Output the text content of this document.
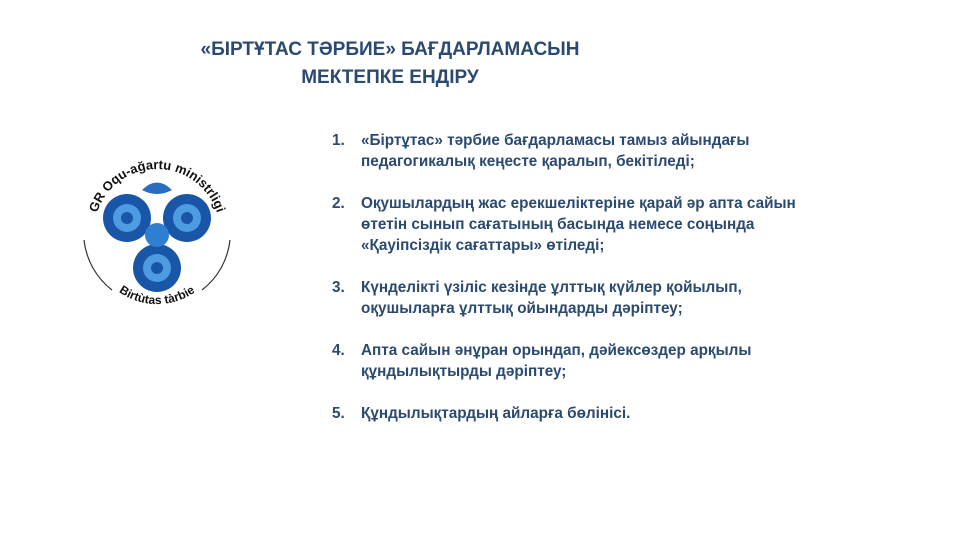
«БІРТҰТАС ТӘРБИЕ» БАҒДАРЛАМАСЫН
МЕКТЕПКЕ ЕНДІРУ
GR Oqu-ağartu ministrligi
Birtùtas tàrbie
1.	«Біртұтас» тәрбие бағдарламасы тамыз айындағы
педагогикалық кеңесте қаралып, бекітіледі;
2.	Оқушылардың жас ерекшеліктеріне қарай әр апта сайын
өтетін сынып сағатының басында немесе соңында
«Қауіпсіздік сағаттары» өтіледі;
3.	Күнделікті үзіліс кезінде ұлттық күйлер қойылып,
оқушыларға ұлттық ойындарды дәріптеу;
4.	Апта сайын әнұран орындап, дәйексөздер арқылы
құндылықтырды дәріптеу;
5.	Құндылықтардың айларға бөлінісі.
